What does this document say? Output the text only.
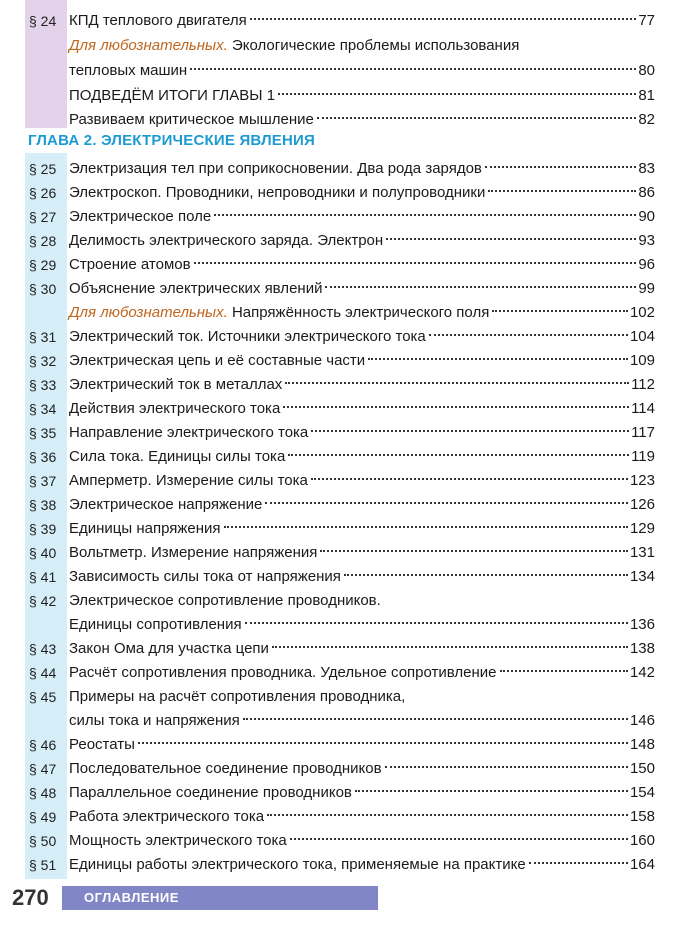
§ 24 КПД теплового двигателя	77
Для любознательных. Экологические проблемы использования
тепловых машин	80
ПОДВЕДЁМ ИТОГИ ГЛАВЫ 1	81
Развиваем критическое мышление	82
ГЛАВА 2. ЭЛЕКТРИЧЕСКИЕ ЯВЛЕНИЯ
§ 25 Электризация тел при соприкосновении. Два рода зарядов	83
§ 26 Электроскоп. Проводники, непроводники и полупроводники	86
§ 27 Электрическое поле	90
§ 28 Делимость электрического заряда. Электрон	93
§ 29 Строение атомов	96
§ 30 Объяснение электрических явлений	99
Для любознательных. Напряжённость электрического поля	102
§ 31 Электрический ток. Источники электрического тока	104
§ 32 Электрическая цепь и её составные части	109
§ 33 Электрический ток в металлах	112
§ 34 Действия электрического тока	114
§ 35 Направление электрического тока	117
§ 36 Сила тока. Единицы силы тока	119
§ 37 Амперметр. Измерение силы тока	123
§ 38 Электрическое напряжение	126
§ 39 Единицы напряжения	129
§ 40 Вольтметр. Измерение напряжения	131
§ 41 Зависимость силы тока от напряжения	134
§ 42 Электрическое сопротивление проводников.
Единицы сопротивления	136
§ 43 Закон Ома для участка цепи	138
§ 44 Расчёт сопротивления проводника. Удельное сопротивление	142
§ 45 Примеры на расчёт сопротивления проводника,
силы тока и напряжения	146
§ 46 Реостаты	148
§ 47 Последовательное соединение проводников	150
§ 48 Параллельное соединение проводников	154
§ 49 Работа электрического тока	158
§ 50 Мощность электрического тока	160
§ 51 Единицы работы электрического тока, применяемые на практике	164
270	ОГЛАВЛЕНИЕ
